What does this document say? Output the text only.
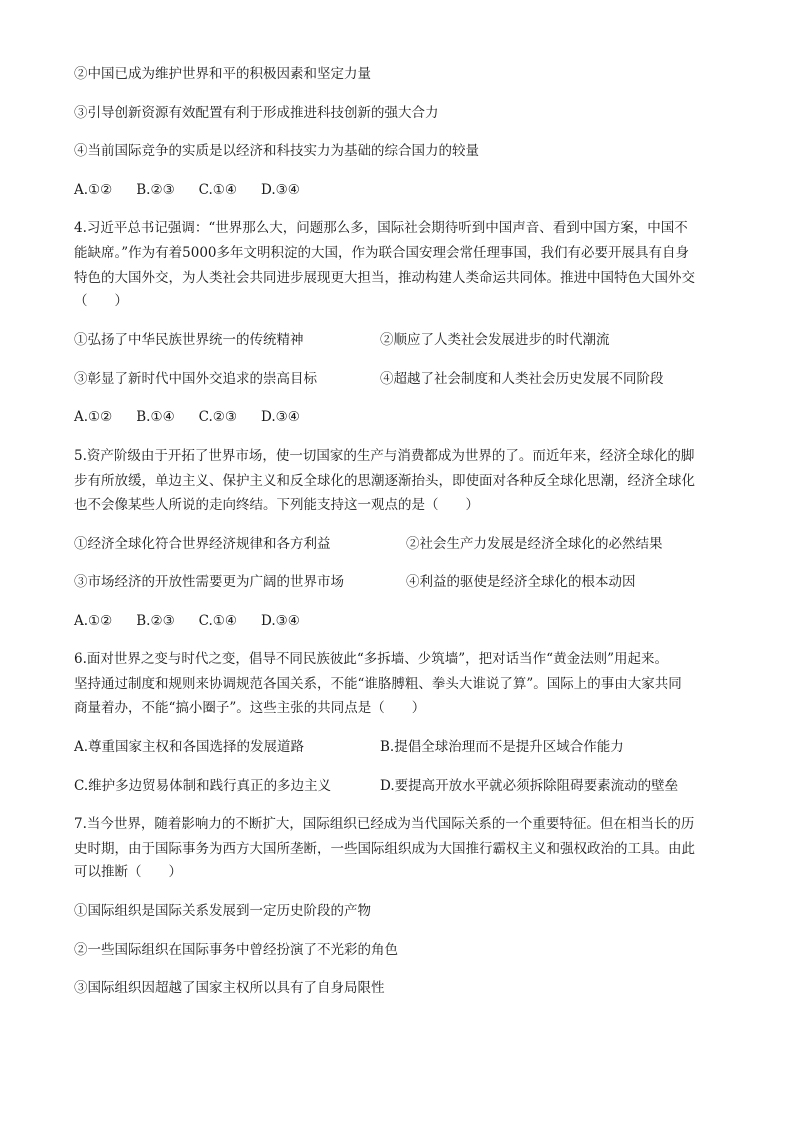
②中国已成为维护世界和平的积极因素和坚定力量
③引导创新资源有效配置有利于形成推进科技创新的强大合力
④当前国际竞争的实质是以经济和科技实力为基础的综合国力的较量
A.①② B.②③ C.①④ D.③④
4.习近平总书记强调：“世界那么大，问题那么多，国际社会期待听到中国声音、看到中国方案，中国不
能缺席。”作为有着5000多年文明积淀的大国，作为联合国安理会常任理事国，我们有必要开展具有自身
特色的大国外交，为人类社会共同进步展现更大担当，推动构建人类命运共同体。推进中国特色大国外交
（　　）
①弘扬了中华民族世界统一的传统精神	②顺应了人类社会发展进步的时代潮流
③彰显了新时代中国外交追求的崇高目标	④超越了社会制度和人类社会历史发展不同阶段
A.①② B.①④ C.②③ D.③④
5.资产阶级由于开拓了世界市场，使一切国家的生产与消费都成为世界的了。而近年来，经济全球化的脚
步有所放缓，单边主义、保护主义和反全球化的思潮逐渐抬头，即使面对各种反全球化思潮，经济全球化
也不会像某些人所说的走向终结。下列能支持这一观点的是（　　）
①经济全球化符合世界经济规律和各方利益	②社会生产力发展是经济全球化的必然结果
③市场经济的开放性需要更为广阔的世界市场	④利益的驱使是经济全球化的根本动因
A.①② B.②③ C.①④ D.③④
6.面对世界之变与时代之变，倡导不同民族彼此“多拆墙、少筑墙”，把对话当作“黄金法则”用起来。
坚持通过制度和规则来协调规范各国关系，不能“谁胳膊粗、拳头大谁说了算”。国际上的事由大家共同
商量着办，不能“搞小圈子”。这些主张的共同点是（　　）
A.尊重国家主权和各国选择的发展道路	B.提倡全球治理而不是提升区域合作能力
C.维护多边贸易体制和践行真正的多边主义	D.要提高开放水平就必须拆除阻碍要素流动的壁垒
7.当今世界，随着影响力的不断扩大，国际组织已经成为当代国际关系的一个重要特征。但在相当长的历
史时期，由于国际事务为西方大国所垄断，一些国际组织成为大国推行霸权主义和强权政治的工具。由此
可以推断（　　）
①国际组织是国际关系发展到一定历史阶段的产物
②一些国际组织在国际事务中曾经扮演了不光彩的角色
③国际组织因超越了国家主权所以具有了自身局限性
